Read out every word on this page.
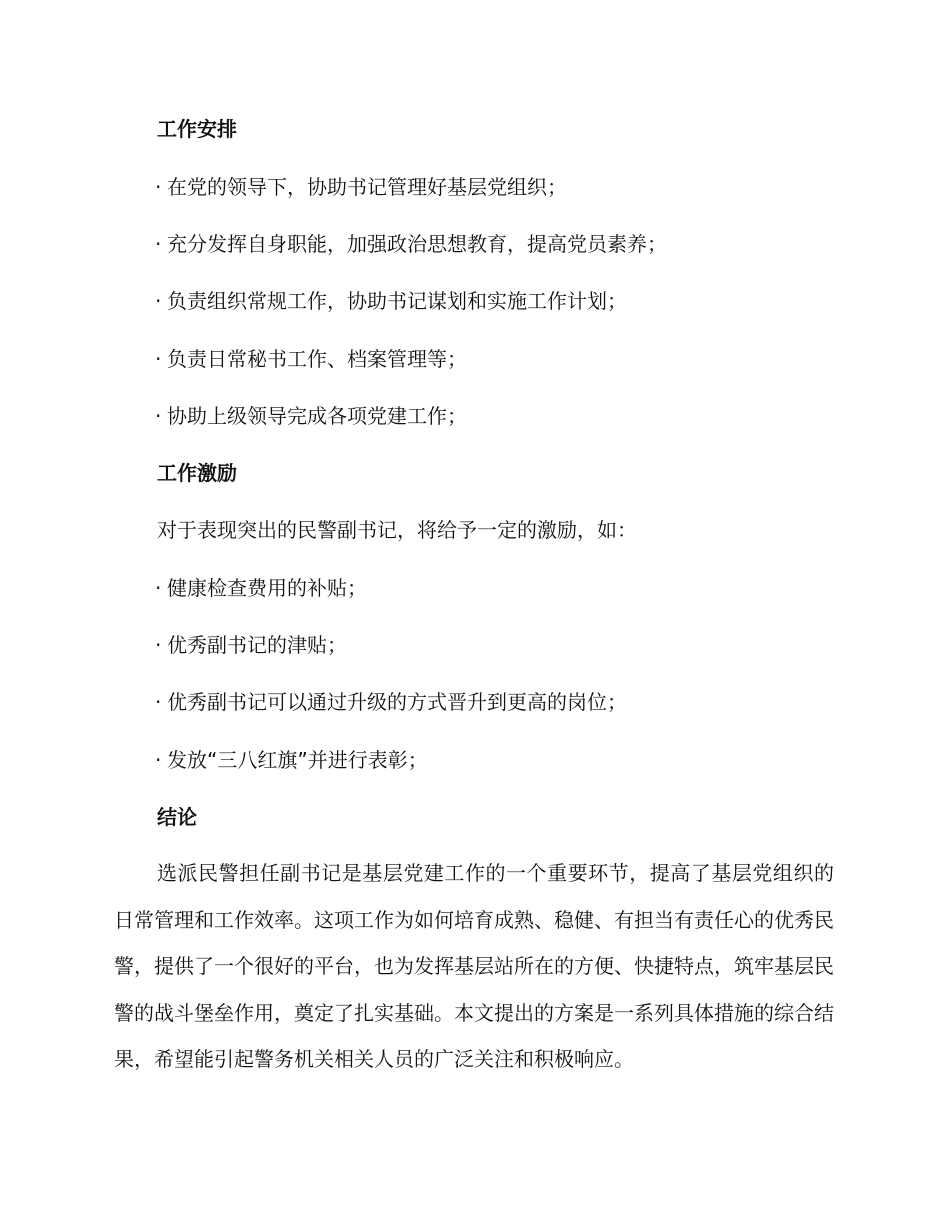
工作安排
· 在党的领导下，协助书记管理好基层党组织；
· 充分发挥自身职能，加强政治思想教育，提高党员素养；
· 负责组织常规工作，协助书记谋划和实施工作计划；
· 负责日常秘书工作、档案管理等；
· 协助上级领导完成各项党建工作；
工作激励
对于表现突出的民警副书记，将给予一定的激励，如：
· 健康检查费用的补贴；
· 优秀副书记的津贴；
· 优秀副书记可以通过升级的方式晋升到更高的岗位；
· 发放“三八红旗”并进行表彰；
结论

选派民警担任副书记是基层党建工作的一个重要环节，提高了基层党组织的日常管理和工作效率。这项工作为如何培育成熟、稳健、有担当有责任心的优秀民警，提供了一个很好的平台，也为发挥基层站所在的方便、快捷特点，筑牢基层民警的战斗堡垒作用，奠定了扎实基础。本文提出的方案是一系列具体措施的综合结果，希望能引起警务机关相关人员的广泛关注和积极响应。
